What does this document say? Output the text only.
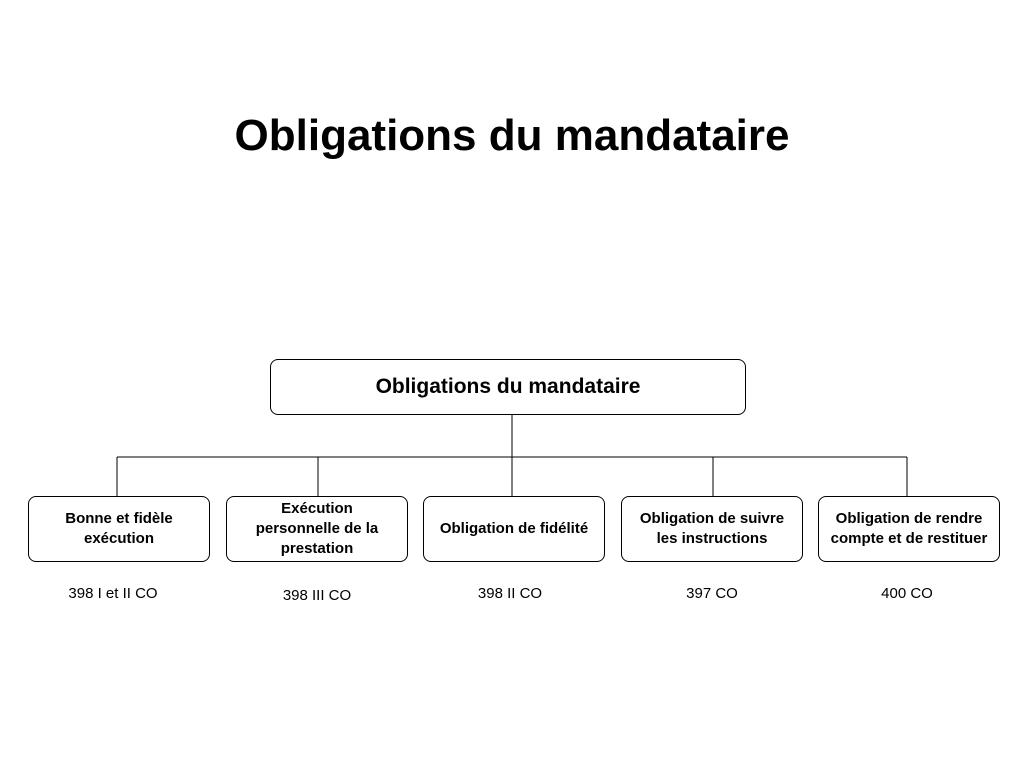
Obligations du mandataire
Obligations du mandataire
Bonne et fidèle exécution
Exécution personnelle de la prestation
Obligation de fidélité
Obligation de suivre les instructions
Obligation de rendre compte et de restituer
398 I et II CO	398 III CO	398 II CO	397 CO	400 CO
